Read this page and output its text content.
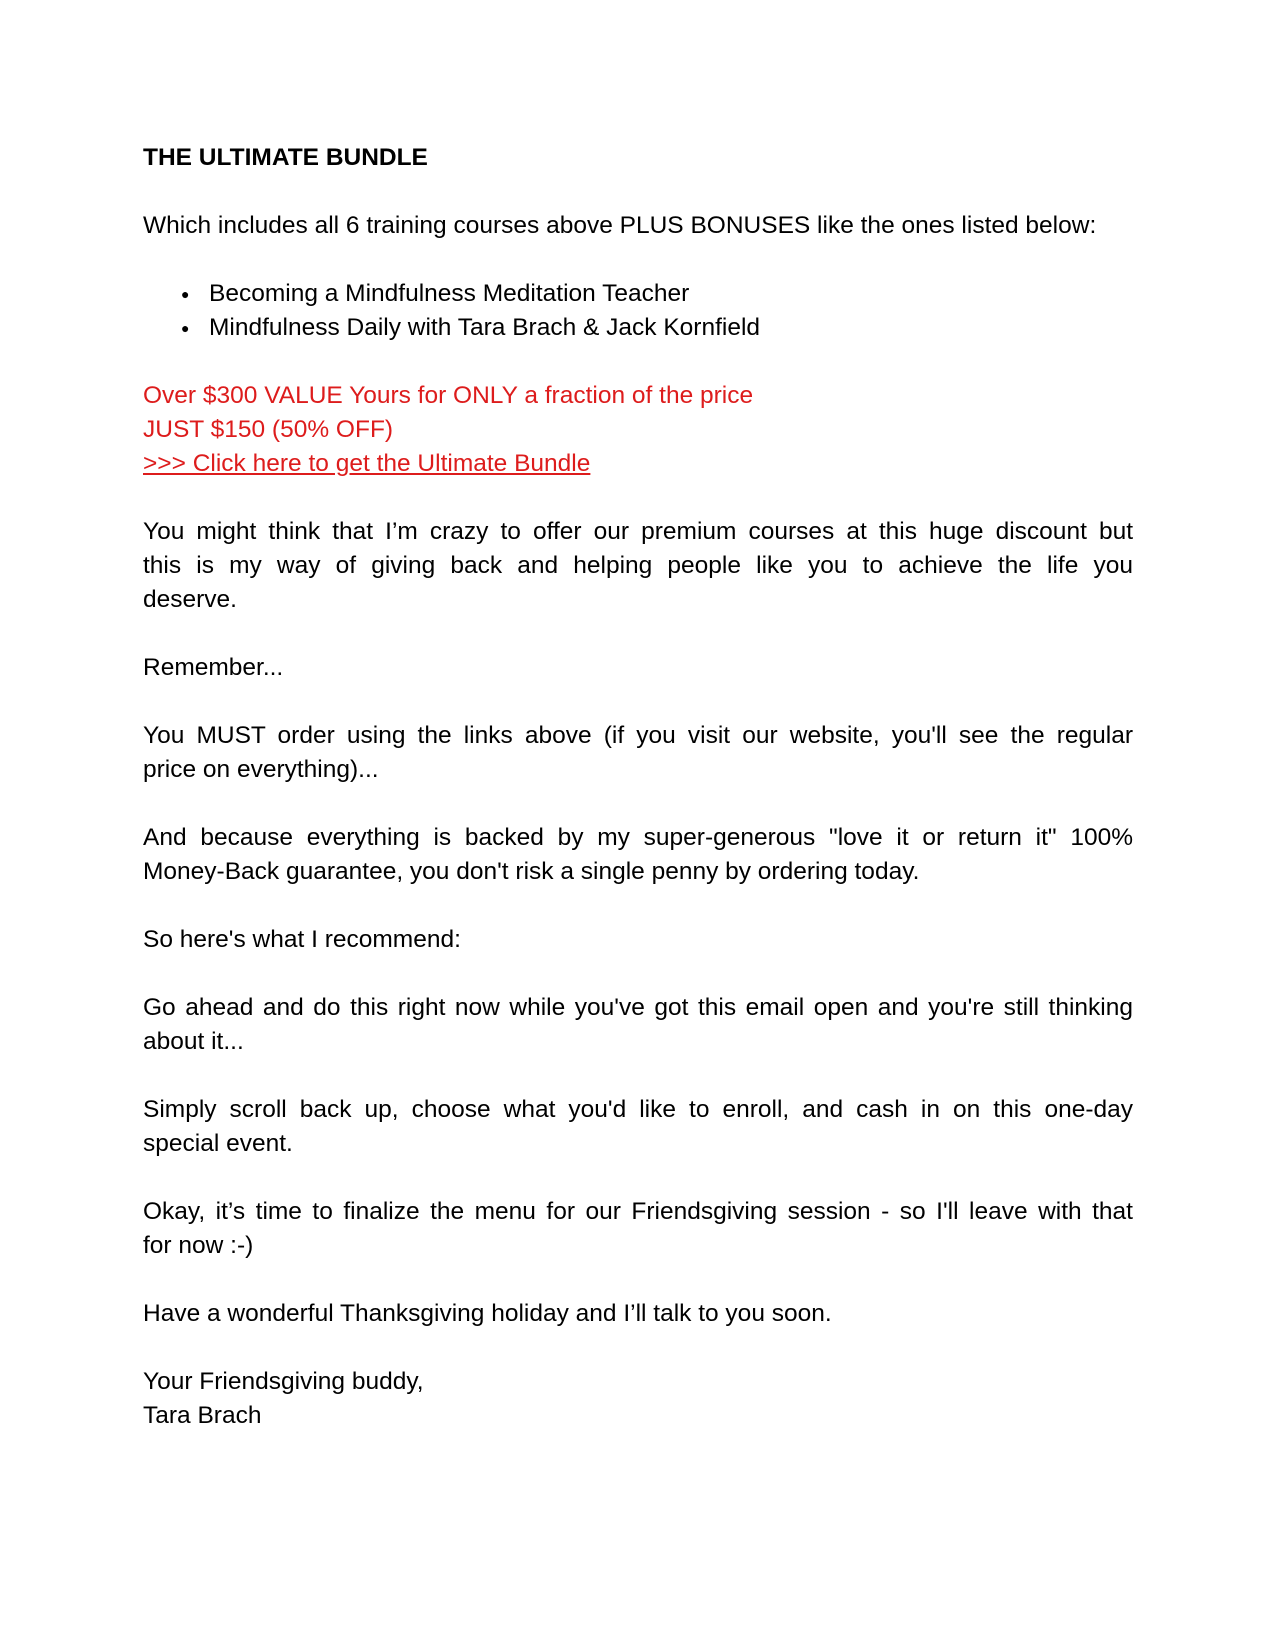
THE ULTIMATE BUNDLE
Which includes all 6 training courses above PLUS BONUSES like the ones listed below:
● Becoming a Mindfulness Meditation Teacher
● Mindfulness Daily with Tara Brach & Jack Kornfield
Over $300 VALUE Yours for ONLY a fraction of the price
JUST $150 (50% OFF)
>>> Click here to get the Ultimate Bundle
You might think that I’m crazy to offer our premium courses at this huge discount but
this is my way of giving back and helping people like you to achieve the life you
deserve.
Remember...
You MUST order using the links above (if you visit our website, you'll see the regular
price on everything)...
And because everything is backed by my super-generous "love it or return it" 100%
Money-Back guarantee, you don't risk a single penny by ordering today.
So here's what I recommend:
Go ahead and do this right now while you've got this email open and you're still thinking
about it...
Simply scroll back up, choose what you'd like to enroll, and cash in on this one-day
special event.
Okay, it’s time to finalize the menu for our Friendsgiving session - so I'll leave with that
for now :-)
Have a wonderful Thanksgiving holiday and I’ll talk to you soon.
Your Friendsgiving buddy,
Tara Brach
